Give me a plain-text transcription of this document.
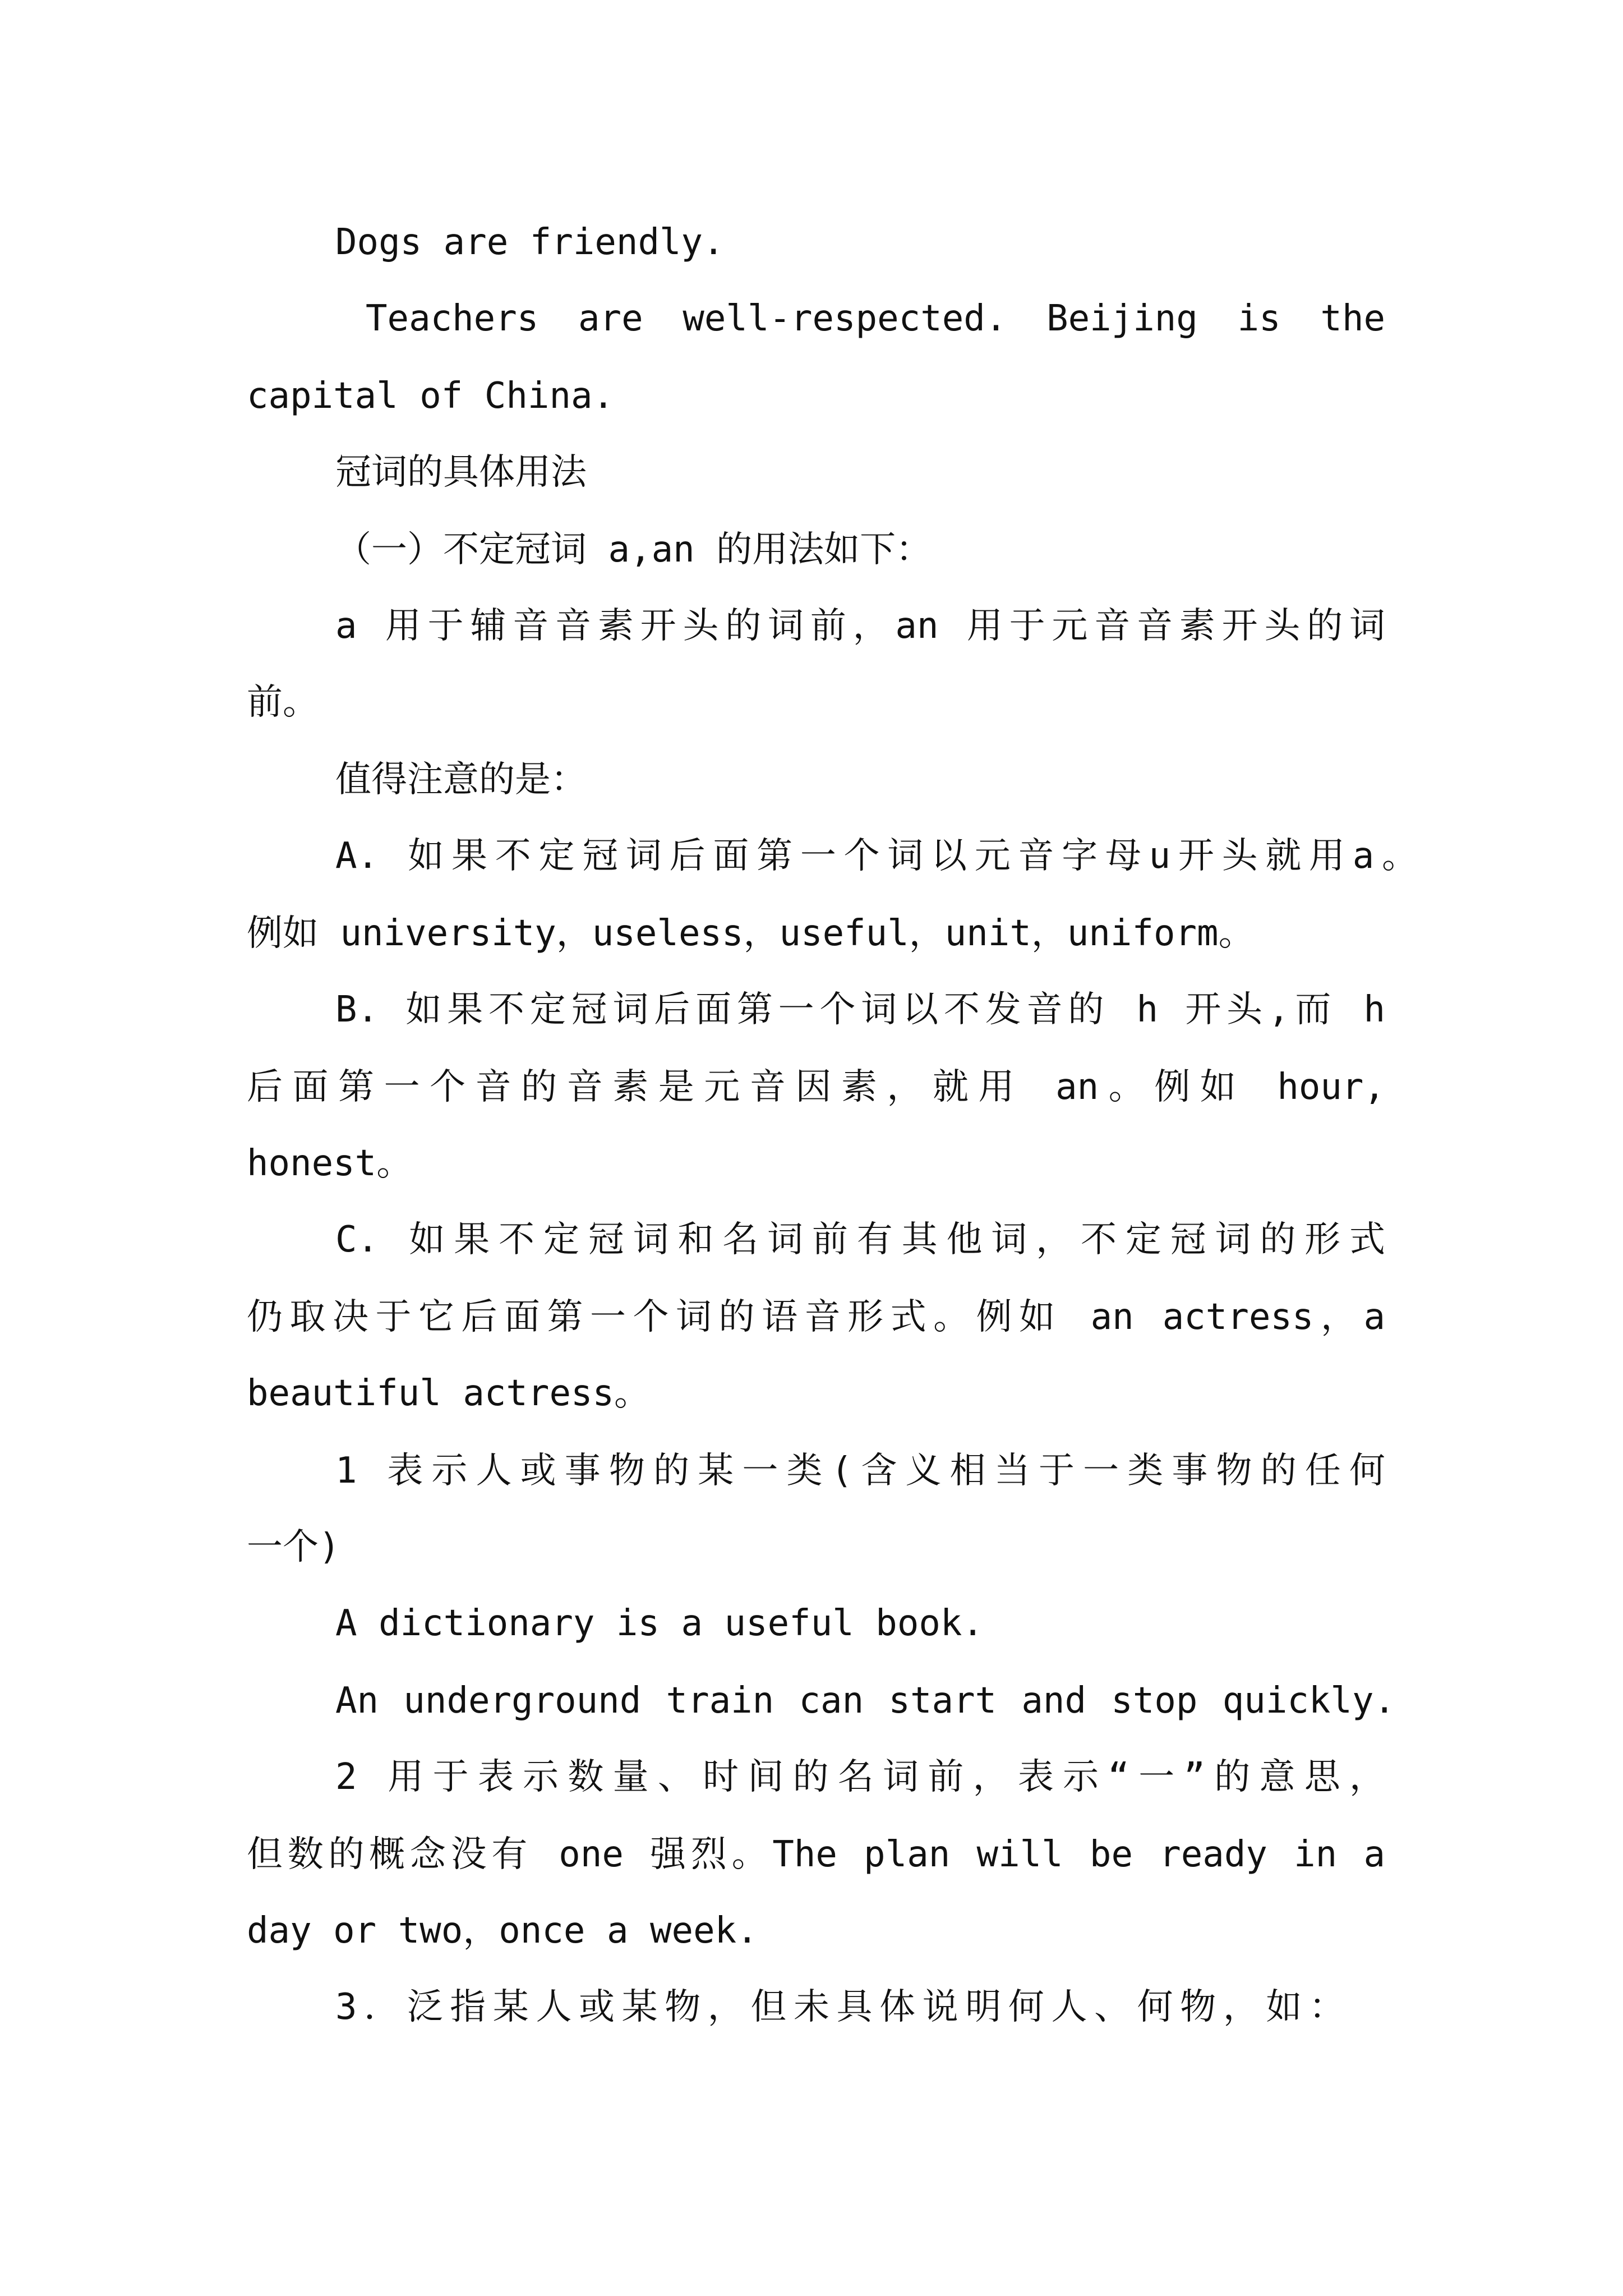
Dogs are friendly.
Teachers are well-respected. Beijing is the
capital of China.
冠词的具体用法
（一）不定冠词 a,an 的用法如下：
a 用于辅音音素开头的词前，an 用于元音音素开头的词
前。
值得注意的是：
A. 如果不定冠词后面第一个词以元音字母u开头就用a。
例如 university，useless，useful，unit，uniform。
B. 如果不定冠词后面第一个词以不发音的 h 开头,而 h
后面第一个音的音素是元音因素，就用 an。例如 hour,
honest。
C. 如果不定冠词和名词前有其他词，不定冠词的形式
仍取决于它后面第一个词的语音形式。例如 an actress，a
beautiful actress。
1 表示人或事物的某一类(含义相当于一类事物的任何
一个)
A dictionary is a useful book.
An underground train can start and stop quickly.
2 用于表示数量、时间的名词前，表示“一”的意思，
但数的概念没有 one 强烈。The plan will be ready in a
day or two，once a week.
3．泛指某人或某物，但未具体说明何人、何物，如：
